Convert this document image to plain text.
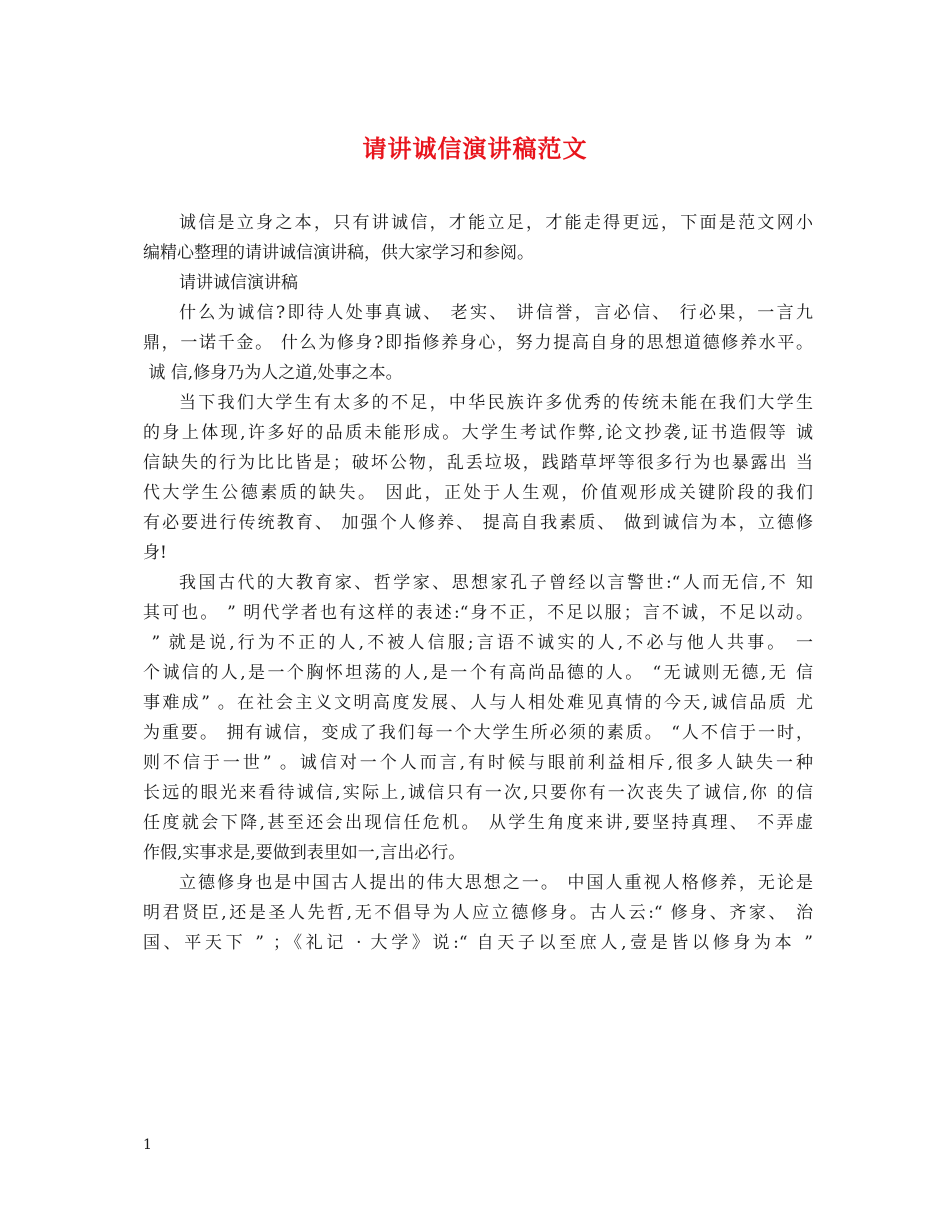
请讲诚信演讲稿范文
诚信是立身之本，只有讲诚信，才能立足，才能走得更远，下面是范文网小
编精心整理的请讲诚信演讲稿，供大家学习和参阅。
请讲诚信演讲稿
什么为诚信?即待人处事真诚、 老实、 讲信誉，言必信、 行必果，一言九
鼎，一诺千金。 什么为修身?即指修养身心，努力提高自身的思想道德修养水平。
诚 信,修身乃为人之道,处事之本。
当下我们大学生有太多的不足，中华民族许多优秀的传统未能在我们大学生
的身上体现,许多好的品质未能形成。大学生考试作弊,论文抄袭,证书造假等 诚
信缺失的行为比比皆是；破坏公物，乱丢垃圾，践踏草坪等很多行为也暴露出 当
代大学生公德素质的缺失。 因此，正处于人生观，价值观形成关键阶段的我们
有必要进行传统教育、 加强个人修养、 提高自我素质、 做到诚信为本，立德修
身!
我国古代的大教育家、哲学家、思想家孔子曾经以言警世:“人而无信,不 知
其可也。 ” 明代学者也有这样的表述:“身不正，不足以服；言不诚，不足以动。
” 就是说,行为不正的人,不被人信服;言语不诚实的人,不必与他人共事。 一
个诚信的人,是一个胸怀坦荡的人,是一个有高尚品德的人。 “无诚则无德,无 信
事难成” 。在社会主义文明高度发展、人与人相处难见真情的今天,诚信品质 尤
为重要。 拥有诚信，变成了我们每一个大学生所必须的素质。 “人不信于一时，
则不信于一世” 。诚信对一个人而言,有时候与眼前利益相斥,很多人缺失一种
长远的眼光来看待诚信,实际上,诚信只有一次,只要你有一次丧失了诚信,你 的信
任度就会下降,甚至还会出现信任危机。 从学生角度来讲,要坚持真理、 不弄虚
作假,实事求是,要做到表里如一,言出必行。
立德修身也是中国古人提出的伟大思想之一。 中国人重视人格修养，无论是
明君贤臣,还是圣人先哲,无不倡导为人应立德修身。古人云:“ 修身、齐家、 治
国、平天下 ” ；《礼记 · 大学》说:“ 自天子以至庶人,壹是皆以修身为本 ”
1
